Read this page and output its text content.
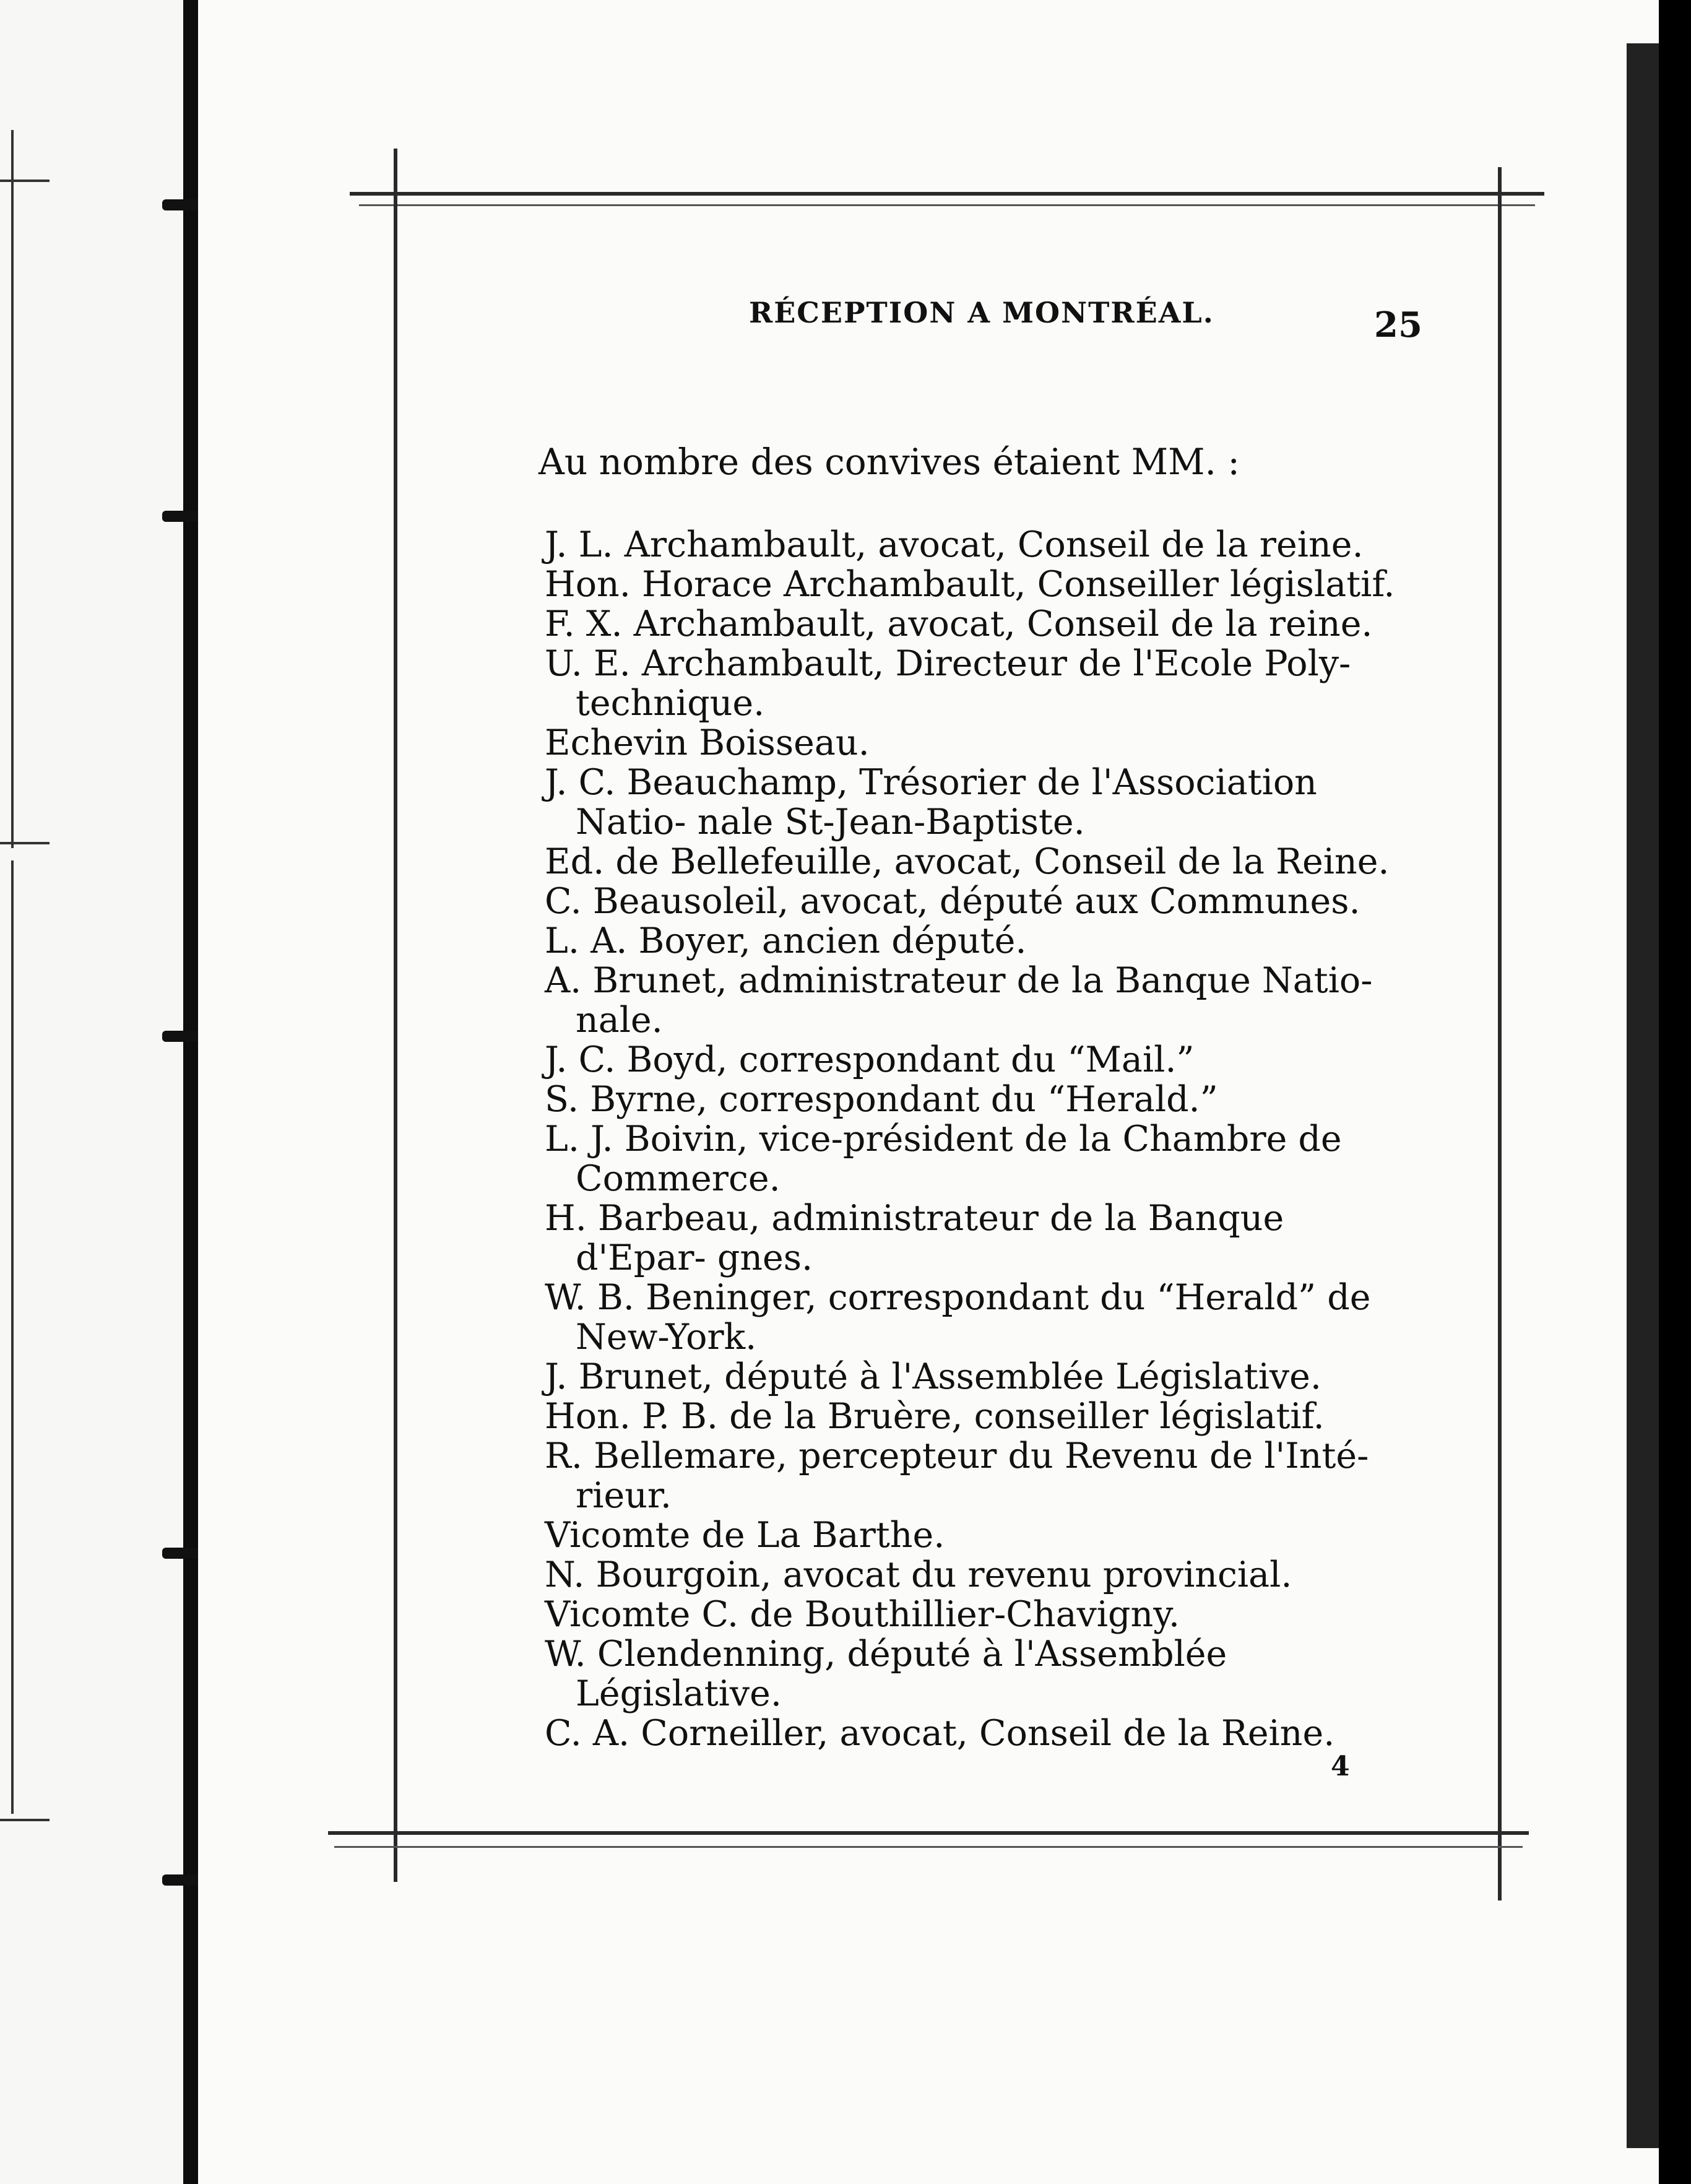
RÉCEPTION A MONTRÉAL.	25
Au nombre des convives étaient MM. :
J. L. Archambault, avocat, Conseil de la reine.
Hon. Horace Archambault, Conseiller législatif.
F. X. Archambault, avocat, Conseil de la reine.
U. E. Archambault, Directeur de l'Ecole Poly- technique.
Echevin Boisseau.
J. C. Beauchamp, Trésorier de l'Association Natio- nale St-Jean-Baptiste.
Ed. de Bellefeuille, avocat, Conseil de la Reine.
C. Beausoleil, avocat, député aux Communes.
L. A. Boyer, ancien député.
A. Brunet, administrateur de la Banque Natio- nale.
J. C. Boyd, correspondant du “Mail.”
S. Byrne, correspondant du “Herald.”
L. J. Boivin, vice-président de la Chambre de Commerce.
H. Barbeau, administrateur de la Banque d'Epar- gnes.
W. B. Beninger, correspondant du “Herald” de New-York.
J. Brunet, député à l'Assemblée Législative.
Hon. P. B. de la Bruère, conseiller législatif.
R. Bellemare, percepteur du Revenu de l'Inté- rieur.
Vicomte de La Barthe.
N. Bourgoin, avocat du revenu provincial.
Vicomte C. de Bouthillier-Chavigny.
W. Clendenning, député à l'Assemblée Législative.
C. A. Corneiller, avocat, Conseil de la Reine.
4
